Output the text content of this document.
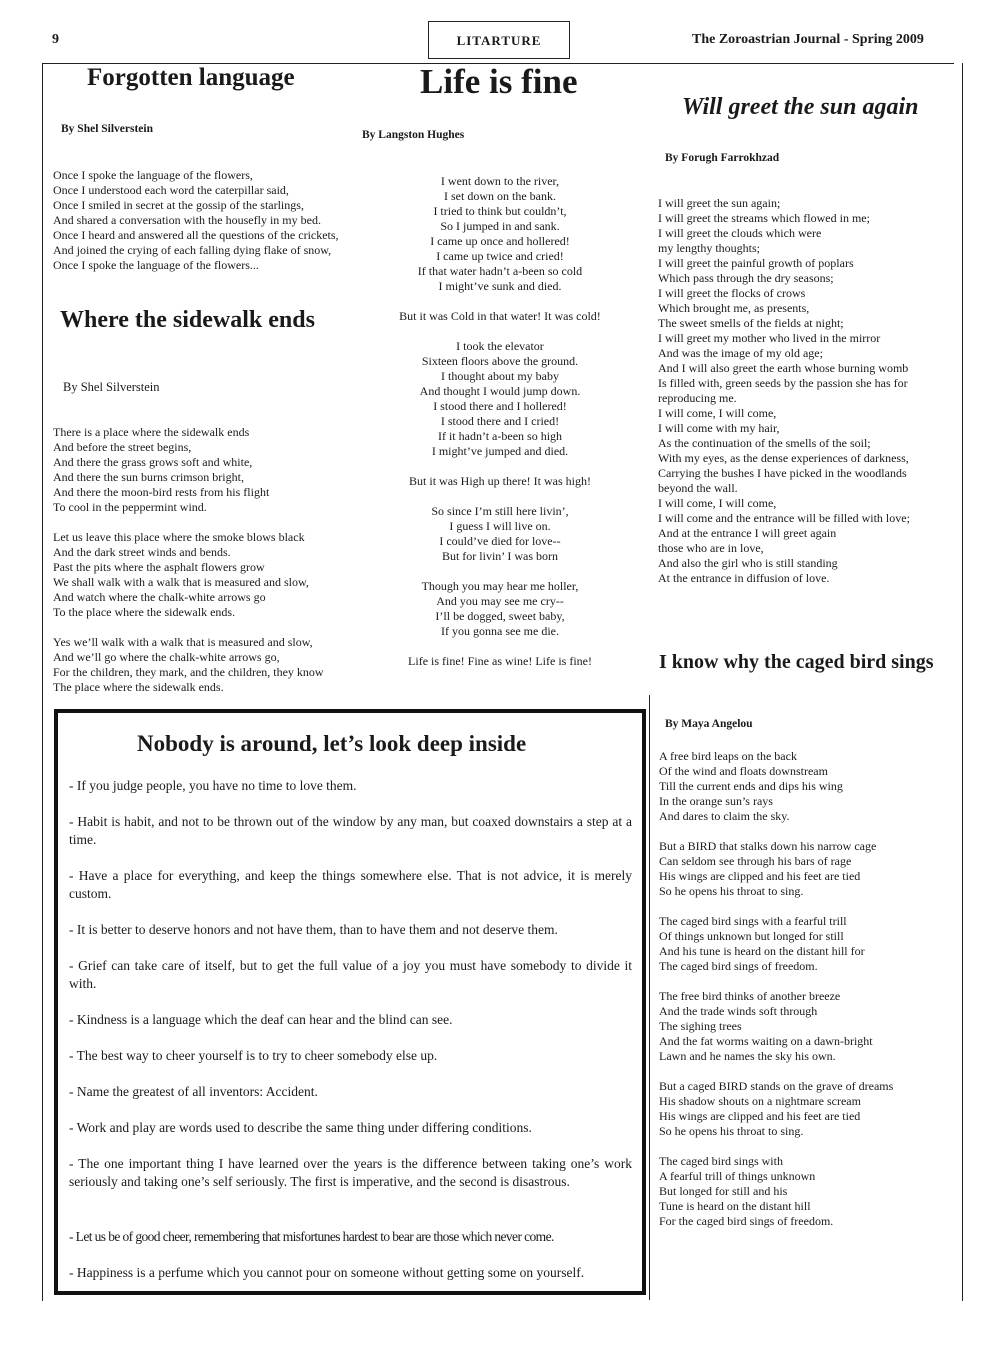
9	LITARTURE	The Zoroastrian Journal - Spring 2009
Forgotten language
By Shel Silverstein
Once I spoke the language of the flowers,
Once I understood each word the caterpillar said,
Once I smiled in secret at the gossip of the starlings,
And shared a conversation with the housefly in my bed.
Once I heard and answered all the questions of the crickets,
And joined the crying of each falling dying flake of snow,
Once I spoke the language of the flowers...
Life is fine
By Langston Hughes
I went down to the river,
I set down on the bank.
I tried to think but couldn’t,
So I jumped in and sank.
I came up once and hollered!
I came up twice and cried!
If that water hadn’t a-been so cold
I might’ve sunk and died.
But it was Cold in that water! It was cold!
I took the elevator
Sixteen floors above the ground.
I thought about my baby
And thought I would jump down.
I stood there and I hollered!
I stood there and I cried!
If it hadn’t a-been so high
I might’ve jumped and died.
But it was High up there! It was high!
So since I’m still here livin’,
I guess I will live on.
I could’ve died for love--
But for livin’ I was born
Though you may hear me holler,
And you may see me cry--
I’ll be dogged, sweet baby,
If you gonna see me die.
Life is fine! Fine as wine! Life is fine!
Will greet the sun again
By Forugh Farrokhzad
I will greet the sun again;
I will greet the streams which flowed in me;
I will greet the clouds which were
my lengthy thoughts;
I will greet the painful growth of poplars
Which pass through the dry seasons;
I will greet the flocks of crows
Which brought me, as presents,
The sweet smells of the fields at night;
I will greet my mother who lived in the mirror
And was the image of my old age;
And I will also greet the earth whose burning womb
Is filled with, green seeds by the passion she has for
reproducing me.
I will come, I will come,
I will come with my hair,
As the continuation of the smells of the soil;
With my eyes, as the dense experiences of darkness,
Carrying the bushes I have picked in the woodlands
beyond the wall.
I will come, I will come,
I will come and the entrance will be filled with love;
And at the entrance I will greet again
those who are in love,
And also the girl who is still standing
At the entrance in diffusion of love.
Where the sidewalk ends
By Shel Silverstein
There is a place where the sidewalk ends
And before the street begins,
And there the grass grows soft and white,
And there the sun burns crimson bright,
And there the moon-bird rests from his flight
To cool in the peppermint wind.
Let us leave this place where the smoke blows black
And the dark street winds and bends.
Past the pits where the asphalt flowers grow
We shall walk with a walk that is measured and slow,
And watch where the chalk-white arrows go
To the place where the sidewalk ends.
Yes we’ll walk with a walk that is measured and slow,
And we’ll go where the chalk-white arrows go,
For the children, they mark, and the children, they know
The place where the sidewalk ends.
I know why the caged bird sings
By Maya Angelou
A free bird leaps on the back
Of the wind and floats downstream
Till the current ends and dips his wing
In the orange sun’s rays
And dares to claim the sky.
But a BIRD that stalks down his narrow cage
Can seldom see through his bars of rage
His wings are clipped and his feet are tied
So he opens his throat to sing.
The caged bird sings with a fearful trill
Of things unknown but longed for still
And his tune is heard on the distant hill for
The caged bird sings of freedom.
The free bird thinks of another breeze
And the trade winds soft through
The sighing trees
And the fat worms waiting on a dawn-bright
Lawn and he names the sky his own.
But a caged BIRD stands on the grave of dreams
His shadow shouts on a nightmare scream
His wings are clipped and his feet are tied
So he opens his throat to sing.
The caged bird sings with
A fearful trill of things unknown
But longed for still and his
Tune is heard on the distant hill
For the caged bird sings of freedom.
Nobody is around, let’s look deep inside
- If you judge people, you have no time to love them.
- Habit is habit, and not to be thrown out of the window by any man, but coaxed downstairs a step at a time.
- Have a place for everything, and keep the things somewhere else. That is not advice, it is merely custom.
- It is better to deserve honors and not have them, than to have them and not deserve them.
- Grief can take care of itself, but to get the full value of a joy you must have somebody to divide it with.
- Kindness is a language which the deaf can hear and the blind can see.
- The best way to cheer yourself is to try to cheer somebody else up.
- Name the greatest of all inventors: Accident.
- Work and play are words used to describe the same thing under differing conditions.
- The one important thing I have learned over the years is the difference between taking one’s work seriously and taking one’s self seriously. The first is imperative, and the second is disastrous.
- Let us be of good cheer, remembering that misfortunes hardest to bear are those which never come.
- Happiness is a perfume which you cannot pour on someone without getting some on yourself.
